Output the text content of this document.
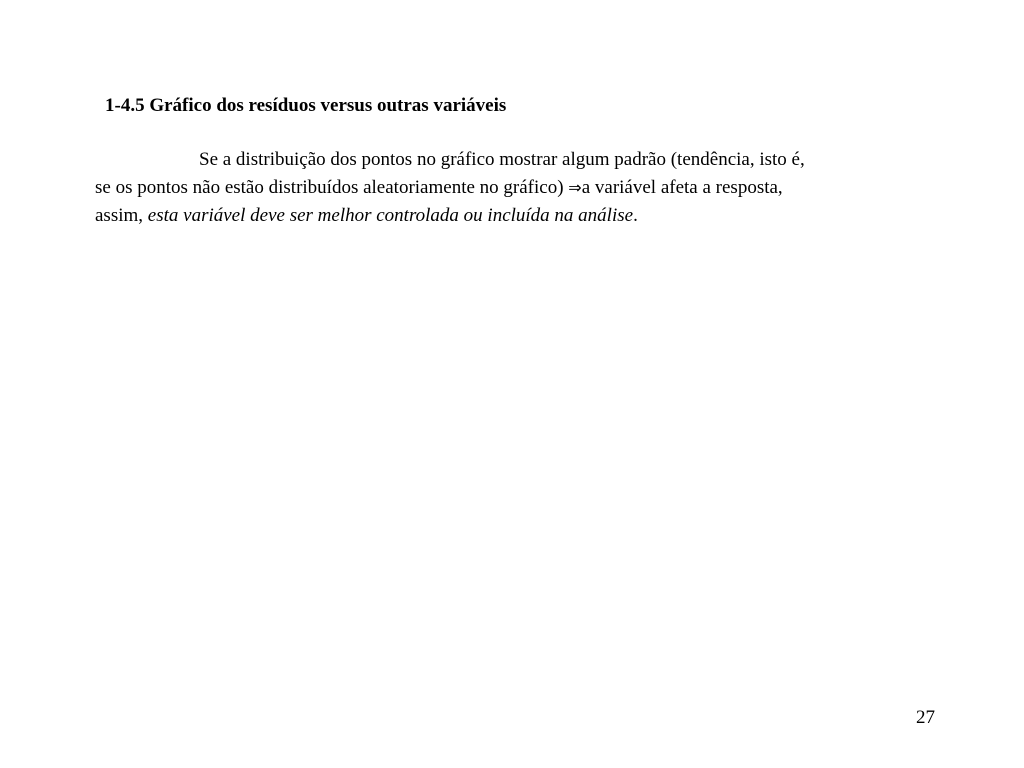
1-4.5 Gráfico dos resíduos versus outras variáveis
Se a distribuição dos pontos no gráfico mostrar algum padrão (tendência, isto é,
se os pontos não estão distribuídos aleatoriamente no gráfico) ⇒a variável afeta a resposta,
assim, esta variável deve ser melhor controlada ou incluída na análise.
27
